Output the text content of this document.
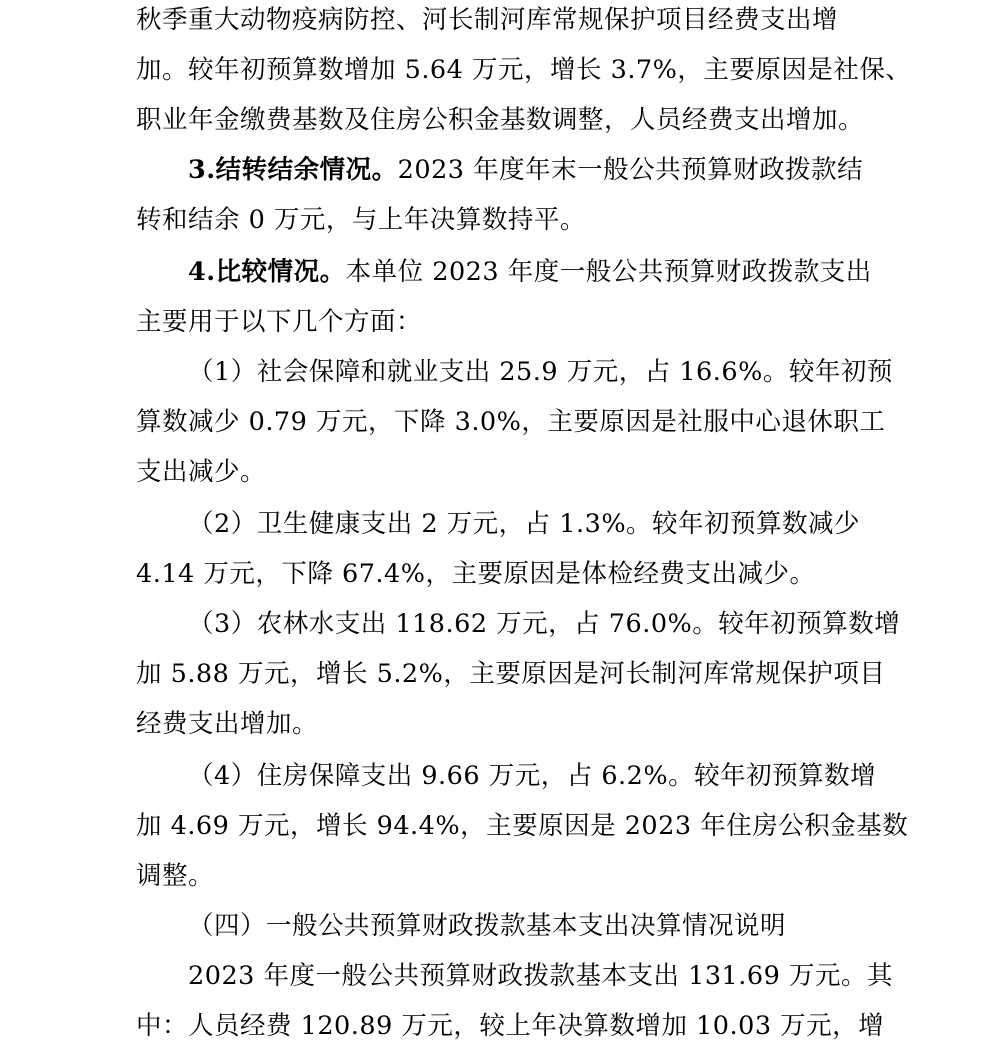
秋季重大动物疫病防控、河长制河库常规保护项目经费支出增
加。较年初预算数增加 5.64 万元，增长 3.7%，主要原因是社保、
职业年金缴费基数及住房公积金基数调整，人员经费支出增加。
3.结转结余情况。2023 年度年末一般公共预算财政拨款结
转和结余 0 万元，与上年决算数持平。
4.比较情况。本单位 2023 年度一般公共预算财政拨款支出
主要用于以下几个方面：
（1）社会保障和就业支出 25.9 万元，占 16.6%。较年初预
算数减少 0.79 万元，下降 3.0%，主要原因是社服中心退休职工
支出减少。
（2）卫生健康支出 2 万元，占 1.3%。较年初预算数减少
4.14 万元，下降 67.4%，主要原因是体检经费支出减少。
（3）农林水支出 118.62 万元，占 76.0%。较年初预算数增
加 5.88 万元，增长 5.2%，主要原因是河长制河库常规保护项目
经费支出增加。
（4）住房保障支出 9.66 万元，占 6.2%。较年初预算数增
加 4.69 万元，增长 94.4%，主要原因是 2023 年住房公积金基数
调整。
（四）一般公共预算财政拨款基本支出决算情况说明
2023 年度一般公共预算财政拨款基本支出 131.69 万元。其
中：人员经费 120.89 万元，较上年决算数增加 10.03 万元，增
